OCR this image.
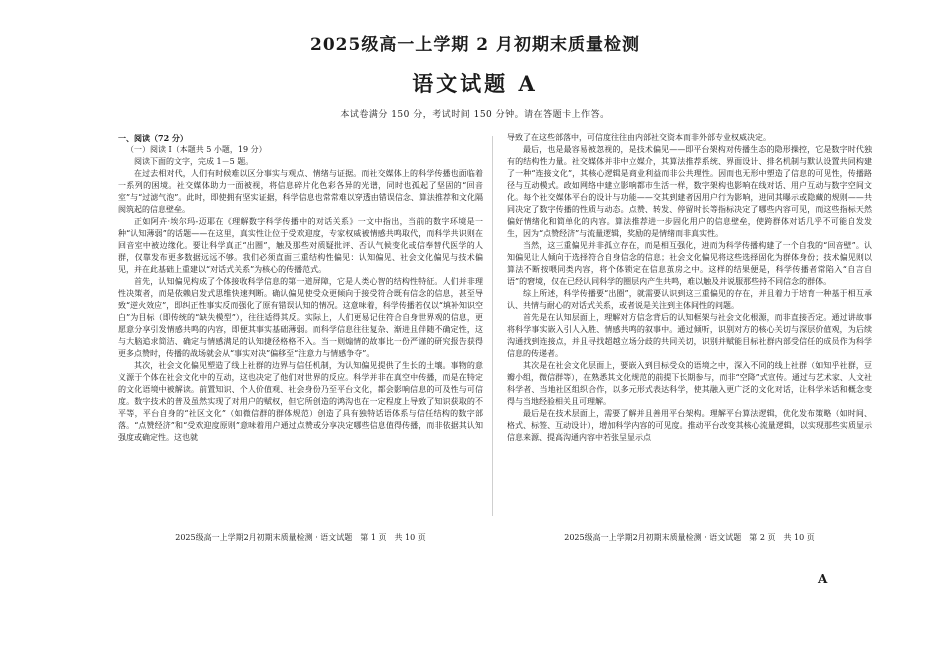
2025级高一上学期 2 月初期末质量检测
语文试题 A
本试卷满分 150 分，考试时间 150 分钟。请在答题卡上作答。

一、阅读（72 分）

（一）阅读 Ⅰ（本题共 5 小题，19 分）

阅读下面的文字，完成 1－5 题。

在过去相对代，人们有时候难以区分事实与观点、情绪与证据。而社交媒体上的科学传播也面临着一系列的困境。社交媒体助力一面被视，将信息碎片化色彩各异的光谱，同时也孤起了坚固的“回音室”与“过滤气泡”。此时，即使拥有坚实证据，科学信息也常常难以穿透由错误信念、算法推荐和文化隔阂筑起的信息壁垒。

正如阿卉·埃尔玛-迈耶在《理解数字科学传播中的对话关系》一文中指出，当前的数字环境是一种“认知薄弱”的话题——在这里，真实性让位于受欢迎度，专家权威被情感共鸣取代，而科学共识则在回音室中被边缘化。要让科学真正“出圈”，触及那些对质疑批评、否认气候变化或信奉替代医学的人群，仅靠发布更多数据远远不够。我们必须直面三重结构性偏见：认知偏见、社会文化偏见与技术偏见，并在此基础上重建以“对话式关系”为核心的传播范式。

首先，认知偏见构成了个体接收科学信息的第一道屏障，它是人类心智的结构性特征。人们并非理性决策者，而是依赖启发式思维快速判断。确认偏见使受众更倾向于接受符合既有信念的信息，甚至导致“逆火效应”，即纠正性事实反而强化了原有错误认知的情况。这意味着，科学传播若仅以“填补知识空白”为目标（即传统的“缺失模型”），往往适得其反。实际上，人们更易记住符合自身世界观的信息，更愿意分享引发情感共鸣的内容，即便其事实基础薄弱。而科学信息往往复杂、渐进且伴随不确定性，这与大脑追求简洁、确定与情感满足的认知捷径格格不入。当一则煽情的故事比一份严谨的研究报告获得更多点赞时，传播的战场就会从“事实对决”偏移至“注意力与情感争夺”。

其次，社会文化偏见塑造了线上社群的边界与信任机制，为认知偏见提供了生长的土壤。事物的意义源于个体在社会文化中的互动，这也决定了他们对世界的反应。科学并非在真空中传播，而是在特定的文化语境中被解读。前置知识、个人价值观、社会身份乃至平台文化，都会影响信息的可及性与可信度。数字技术的普及虽然实现了对用户的赋权，但它所创造的鸿沟也在一定程度上导致了知识获取的不平等，平台自身的“社区文化”（如微信群的群体规范）创造了具有独特话语体系与信任结构的数字部落。“点赞经济”和“受欢迎度原则”意味着用户通过点赞或分享决定哪些信息值得传播，而非依据其认知强度或确定性。这也就

导致了在这些部落中，可信度往往由内部社交资本而非外部专业权威决定。

最后，也是最容易被忽视的，是技术偏见——即平台架构对传播生态的隐形操控，它是数字时代独有的结构性力量。社交媒体并非中立媒介，其算法推荐系统、界面设计、排名机制与默认设置共同构建了一种“连接文化”，其核心逻辑是商业利益而非公共理性。因而也无形中塑造了信息的可见性，传播路径与互动模式。政如网络中建立影响都市生活一样，数字架构也影响在线对话、用户互动与数字空间文化。每个社交媒体平台的设计与功能——交其到建者因用户行为影响，进同其曝示或隐藏的规则——共同决定了数字传播的性质与动态。点赞、转发、停留时长等指标决定了哪些内容可见，而这些指标天然偏好情绪化和简单化的内容。算法推荐进一步固化用户的信息壁垒，使跨群体对话几乎不可能自发发生，因为“点赞经济”与流量逻辑，奖励的是情绪而非真实性。

当然，这三重偏见并非孤立存在，而是相互强化，进而为科学传播构建了一个自我的“回音壁”。认知偏见让人倾向于选择符合自身信念的信息；社会文化偏见将这些选择固化为群体身份；技术偏见则以算法不断按喂同类内容，将个体锁定在信息茧房之中。这样的结果便是，科学传播者常陷入“自言自语”的窘境，仅在已经认同科学的圈层内产生共鸣，难以触及并说服那些持不同信念的群体。

综上所述，科学传播要“出圈”，就需要认识到这三重偏见的存在，并且着力于培育一种基于相互承认、共情与耐心的对话式关系，或者说是关注到主体间性的问题。

首先是在认知层面上，理解对方信念背后的认知框架与社会文化根源，而非直接否定。通过讲故事将科学事实嵌入引人入胜、情感共鸣的叙事中。通过倾听，识别对方的核心关切与深层价值观，为后续沟通找到连接点，并且寻找超越立场分歧的共同关切，识别并赋能目标社群内部受信任的成员作为科学信息的传递者。

其次是在社会文化层面上，要嵌入到目标受众的语境之中，深入不同的线上社群（如知乎社群，豆瓣小组，微信群等），在熟悉其文化规范的前提下长期参与，而非“空降”式宣传。通过与艺术家、人文社科学者、当地社区组织合作，以多元形式表达科学，使其融入更广泛的文化对话，让科学米话和概念变得与当地经验相关且可理解。

最后是在技术层面上，需要了解并且善用平台架构。理解平台算法逻辑，优化发布策略（如时间、格式、标签、互动设计），增加科学内容的可见度。推动平台改变其核心流量逻辑，以实现那些实质显示信息来源、提高沟通内容中若张呈显示点

2025级高一上学期2月初期末质量检测 · 语文试题　第 1 页　共 10 页	2025级高一上学期2月初期末质量检测 · 语文试题　第 2 页　共 10 页
A
